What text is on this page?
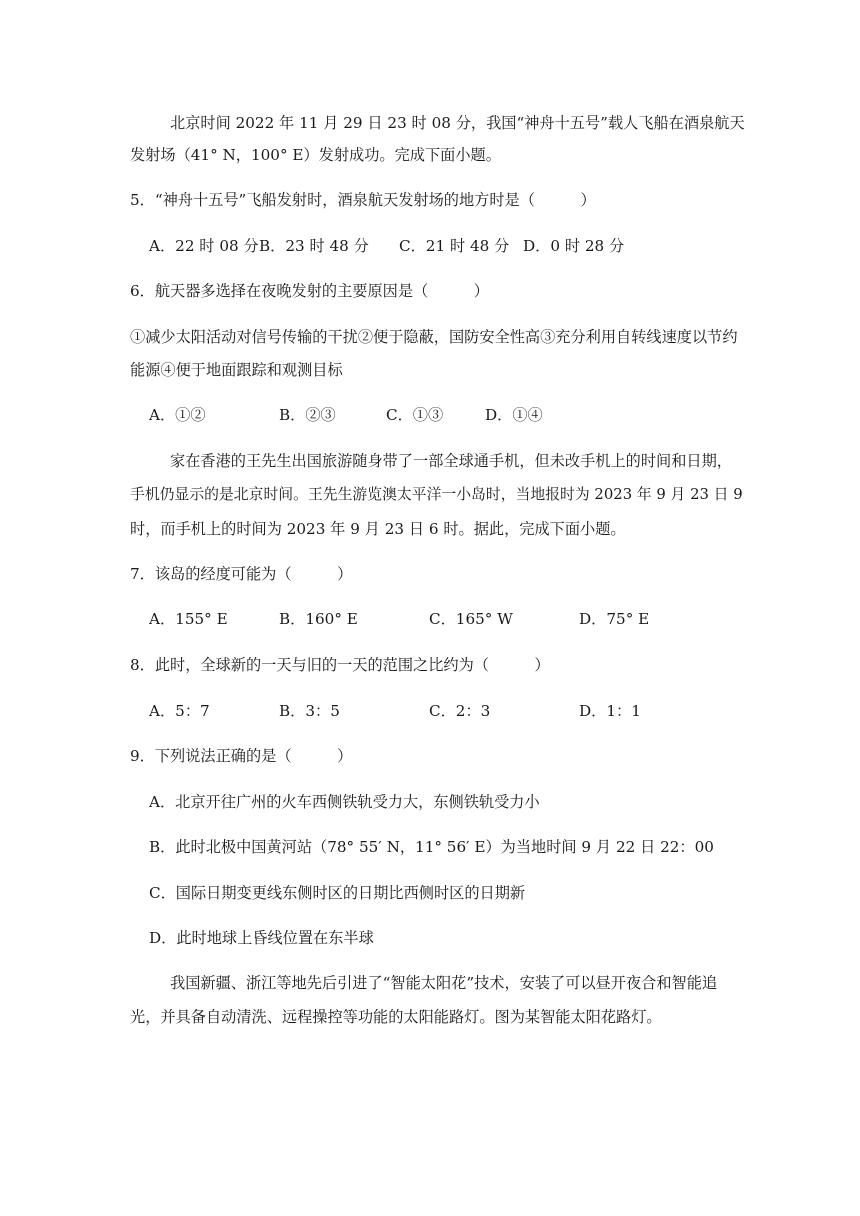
北京时间 2022 年 11 月 29 日 23 时 08 分，我国“神舟十五号”载人飞船在酒泉航天
发射场（41° N，100° E）发射成功。完成下面小题。
5．“神舟十五号”飞船发射时，酒泉航天发射场的地方时是（　　　）
A．22 时 08 分 B．23 时 48 分 C．21 时 48 分 D．0 时 28 分
6．航天器多选择在夜晚发射的主要原因是（　　　）
①减少太阳活动对信号传输的干扰②便于隐蔽，国防安全性高③充分利用自转线速度以节约
能源④便于地面跟踪和观测目标
A．①②	B．②③	C．①③	D．①④
家在香港的王先生出国旅游随身带了一部全球通手机，但未改手机上的时间和日期，
手机仍显示的是北京时间。王先生游览澳太平洋一小岛时，当地报时为 2023 年 9 月 23 日 9
时，而手机上的时间为 2023 年 9 月 23 日 6 时。据此，完成下面小题。
7．该岛的经度可能为（　　　）
A．155° E	B．160° E	C．165° W	D．75° E
8．此时，全球新的一天与旧的一天的范围之比约为（　　　）
A．5：7	B．3：5	C．2：3	D．1：1
9．下列说法正确的是（　　　）
A．北京开往广州的火车西侧铁轨受力大，东侧铁轨受力小
B．此时北极中国黄河站（78° 55′ N，11° 56′ E）为当地时间 9 月 22 日 22：00
C．国际日期变更线东侧时区的日期比西侧时区的日期新
D．此时地球上昏线位置在东半球
我国新疆、浙江等地先后引进了“智能太阳花”技术，安装了可以昼开夜合和智能追
光，并具备自动清洗、远程操控等功能的太阳能路灯。图为某智能太阳花路灯。
